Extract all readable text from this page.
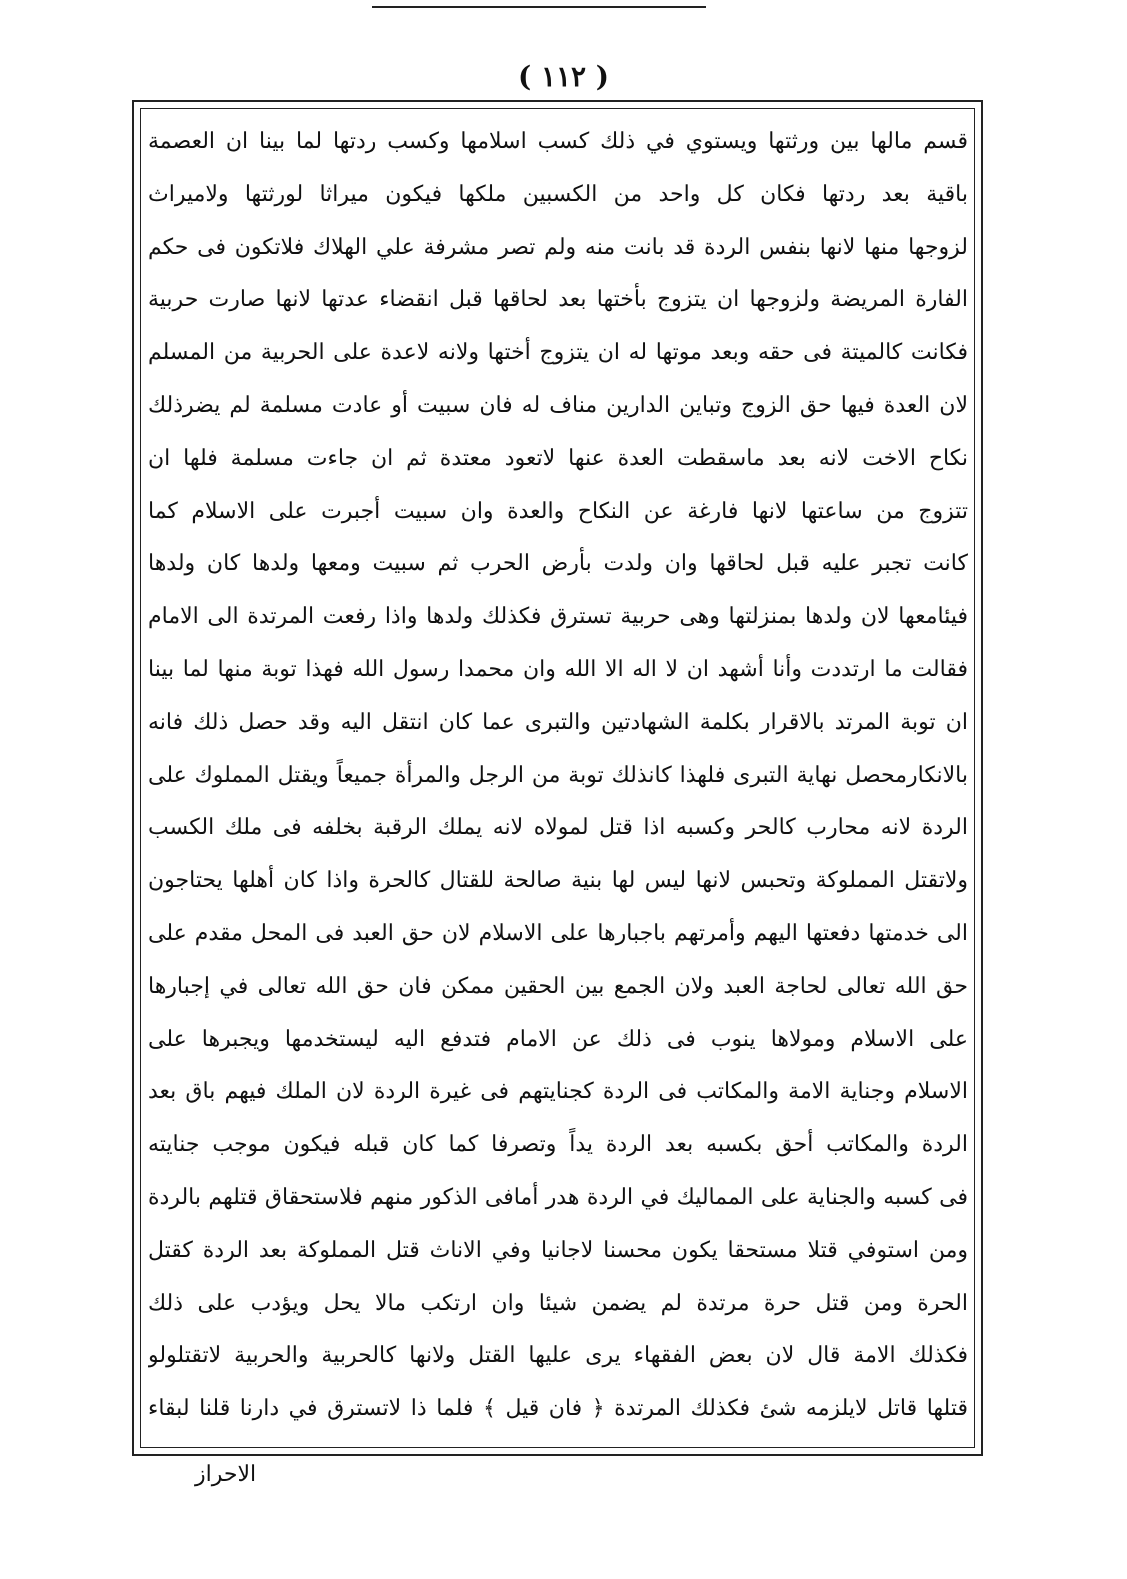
( ١١٢ )
قسم مالها بين ورثتها ويستوي في ذلك كسب اسلامها وكسب ردتها لما بينا ان العصمة
باقية بعد ردتها فكان كل واحد من الكسبين ملكها فيكون ميراثا لورثتها ولاميراث
لزوجها منها لانها بنفس الردة قد بانت منه ولم تصر مشرفة علي الهلاك فلاتكون فى حكم
الفارة المريضة ولزوجها ان يتزوج بأختها بعد لحاقها قبل انقضاء عدتها لانها صارت حربية
فكانت كالميتة فى حقه وبعد موتها له ان يتزوج أختها ولانه لاعدة على الحربية من المسلم
لان العدة فيها حق الزوج وتباين الدارين مناف له فان سبيت أو عادت مسلمة لم يضرذلك
نكاح الاخت لانه بعد ماسقطت العدة عنها لاتعود معتدة ثم ان جاءت مسلمة فلها ان
تتزوج من ساعتها لانها فارغة عن النكاح والعدة وان سبيت أجبرت على الاسلام كما
كانت تجبر عليه قبل لحاقها وان ولدت بأرض الحرب ثم سبيت ومعها ولدها كان ولدها
فيئامعها لان ولدها بمنزلتها وهى حربية تسترق فكذلك ولدها واذا رفعت المرتدة الى الامام
فقالت ما ارتددت وأنا أشهد ان لا اله الا الله وان محمدا رسول الله فهذا توبة منها لما بينا
ان توبة المرتد بالاقرار بكلمة الشهادتين والتبرى عما كان انتقل اليه وقد حصل ذلك فانه
بالانكارمحصل نهاية التبرى فلهذا كانذلك توبة من الرجل والمرأة جميعاً ويقتل المملوك على
الردة لانه محارب كالحر وكسبه اذا قتل لمولاه لانه يملك الرقبة بخلفه فى ملك الكسب
ولاتقتل المملوكة وتحبس لانها ليس لها بنية صالحة للقتال كالحرة واذا كان أهلها يحتاجون
الى خدمتها دفعتها اليهم وأمرتهم باجبارها على الاسلام لان حق العبد فى المحل مقدم على
حق الله تعالى لحاجة العبد ولان الجمع بين الحقين ممكن فان حق الله تعالى في إجبارها
على الاسلام ومولاها ينوب فى ذلك عن الامام فتدفع اليه ليستخدمها ويجبرها على
الاسلام وجناية الامة والمكاتب فى الردة كجنايتهم فى غيرة الردة لان الملك فيهم باق بعد
الردة والمكاتب أحق بكسبه بعد الردة يداً وتصرفا كما كان قبله فيكون موجب جنايته
فى كسبه والجناية على المماليك في الردة هدر أمافى الذكور منهم فلاستحقاق قتلهم بالردة
ومن استوفي قتلا مستحقا يكون محسنا لاجانيا وفي الاناث قتل المملوكة بعد الردة كقتل
الحرة ومن قتل حرة مرتدة لم يضمن شيئا وان ارتكب مالا يحل ويؤدب على ذلك
فكذلك الامة قال لان بعض الفقهاء يرى عليها القتل ولانها كالحربية والحربية لاتقتلولو
قتلها قاتل لايلزمه شئ فكذلك المرتدة ﴿ فان قيل ﴾ فلما ذا لاتسترق في دارنا قلنا لبقاء
الاحراز
